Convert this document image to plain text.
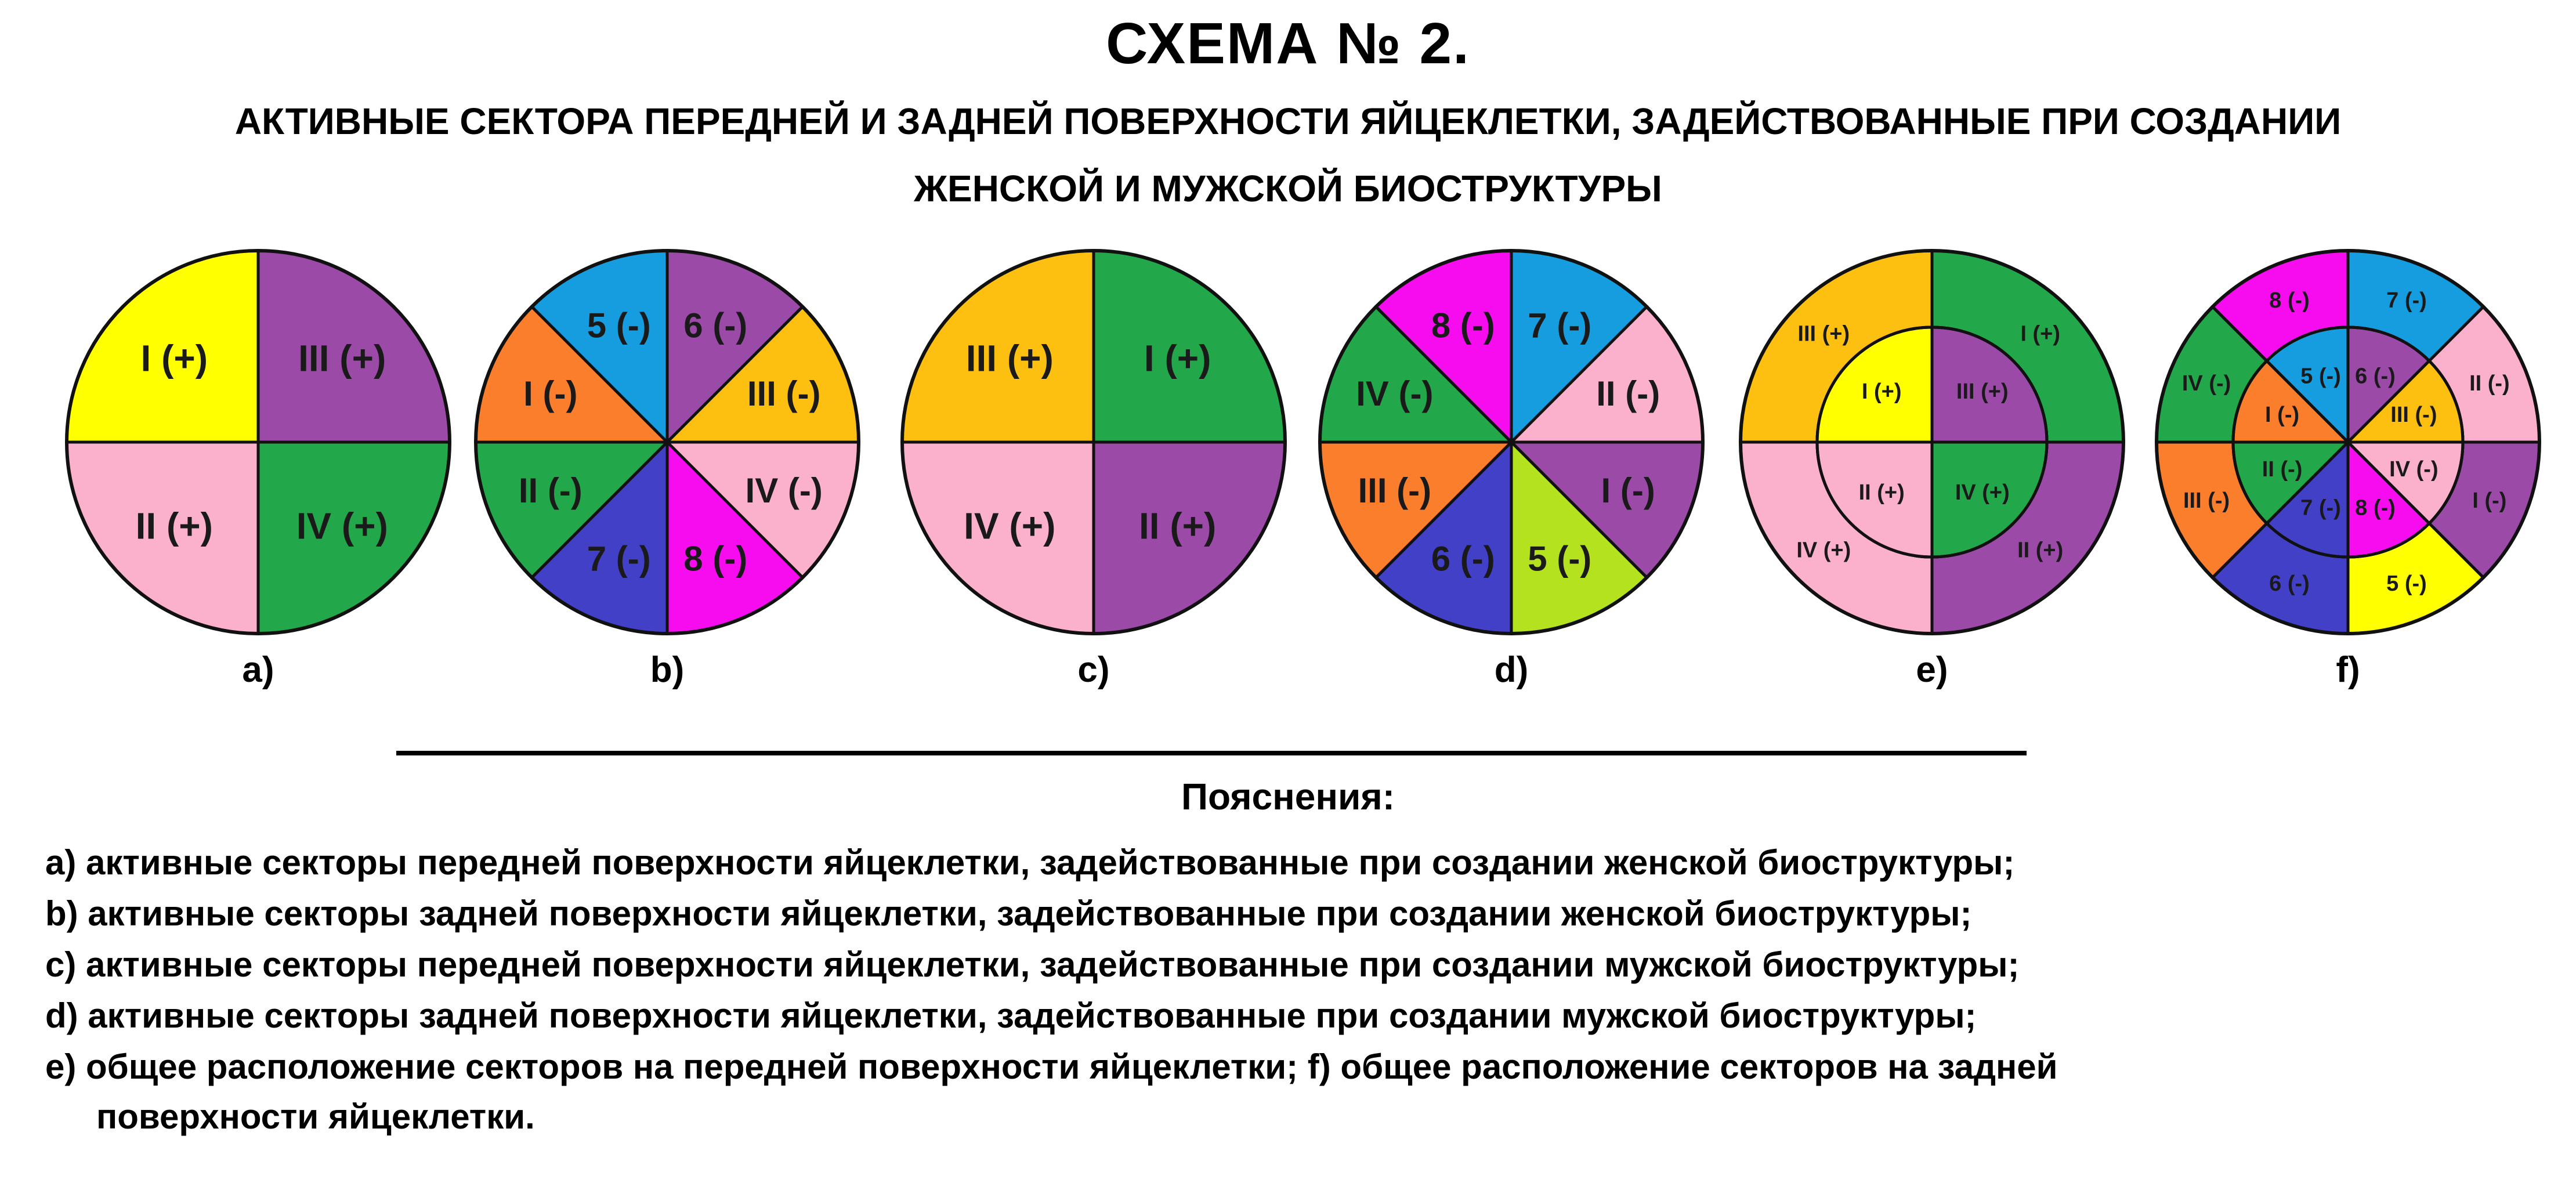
СХЕМА № 2.
АКТИВНЫЕ СЕКТОРА ПЕРЕДНЕЙ И ЗАДНЕЙ ПОВЕРХНОСТИ ЯЙЦЕКЛЕТКИ, ЗАДЕЙСТВОВАННЫЕ ПРИ СОЗДАНИИ
ЖЕНСКОЙ И МУЖСКОЙ БИОСТРУКТУРЫ
I (+) III (+)
IV (+)
II (+)
a)
6 (-)
III (-)
IV (-)
8 (-)
7 (-)
II (-)
I (-)
5 (-)
b)
III (+) I (+)
II (+)
IV (+)
c)
7 (-)
II (-)
I (-)
5 (-)
6 (-)
III (-)
IV (-)
8 (-)
d)
III (+)	I (+)
II (+)
IV (+)
I (+) III (+)
IV (+)
II (+)
e)
7 (-)
II (-)
I (-)
5 (-)
6 (-)
III (-)
IV (-)
8 (-)
6 (-)
III (-)
IV (-)
8 (-)
7 (-)
II (-)
I (-)
5 (-)
f)
Пояснения:
a) активные секторы передней поверхности яйцеклетки, задействованные при создании женской биоструктуры;
b) активные секторы задней поверхности яйцеклетки, задействованные при создании женской биоструктуры;
c) активные секторы передней поверхности яйцеклетки, задействованные при создании мужской биоструктуры;
d) активные секторы задней поверхности яйцеклетки, задействованные при создании мужской биоструктуры;
e) общее расположение секторов на передней поверхности яйцеклетки; f) общее расположение секторов на задней
поверхности яйцеклетки.
